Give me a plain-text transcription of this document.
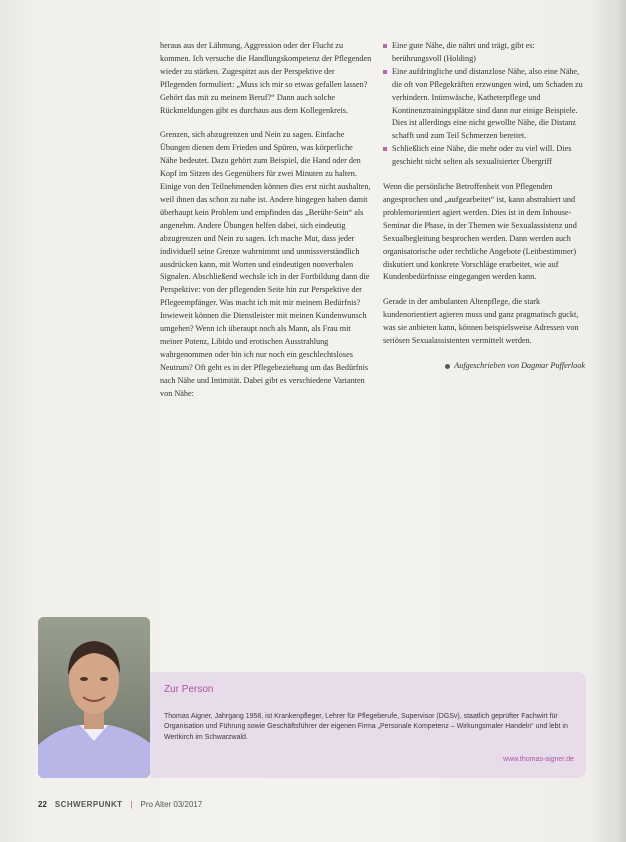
heraus aus der Lähmung, Aggression oder der Flucht zu kommen. Ich versuche die Handlungskompetenz der Pflegenden wieder zu stärken. Zugespitzt aus der Perspektive der Pflegenden formuliert: „Muss ich mir so etwas gefallen lassen? Gehört das mit zu meinem Beruf?“ Dann auch solche Rückmeldungen gibt es durchaus aus dem Kollegenkreis.

Grenzen, sich abzugrenzen und Nein zu sagen. Einfache Übungen dienen dem Frieden und Spüren, was körperliche Nähe bedeutet. Dazu gehört zum Beispiel, die Hand oder den Kopf im Sitzen des Gegenübers für zwei Minuten zu halten. Einige von den Teilnehmenden können dies erst nicht aushalten, weil ihnen das schon zu nahe ist. Andere hingegen haben damit überhaupt kein Problem und empfinden das „Berühr-Sein“ als angenehm. Andere Übungen helfen dabei, sich eindeutig abzugrenzen und Nein zu sagen. Ich mache Mut, dass jeder individuell seine Grenze wahrnimmt und unmissverständlich ausdrücken kann, mit Worten und eindeutigen nonverbalen Signalen. Abschließend wechsle ich in der Fortbildung dann die Perspektive: von der pflegenden Seite hin zur Perspektive der Pflegeempfänger. Was macht ich mit mir meinem Bedürfnis? Inwieweit können die Dienstleister mit meinen Kundenwunsch umgehen? Wenn ich überaupt noch als Mann, als Frau mit meiner Potenz, Libido und erotischen Ausstrahlung wahrgenommen oder bin ich nur noch ein geschlechtsloses Neutrum? Oft geht es in der Pflegebeziehung um das Bedürfnis nach Nähe und Intimität. Dabei gibt es verschiedene Varianten von Nähe:

Eine gute Nähe, die nährt und trägt, gibt es: berührungsvoll (Holding)
Eine aufdringliche und distanzlose Nähe, also eine Nähe, die oft von Pflegekräften erzwungen wird, um Schaden zu verhindern. Intimwäsche, Katheterpflege und Kontinenztrainingsplätze sind dann nur einige Beispiele. Dies ist allerdings eine nicht gewollte Nähe, die Distanz schafft und zum Teil Schmerzen bereitet.
Schließlich eine Nähe, die mehr oder zu viel will. Dies geschieht nicht selten als sexualisierter Übergriff

Wenn die persönliche Betroffenheit von Pflegenden angesprochen und „aufgearbeitet“ ist, kann abstrahiert und problemorientiert agiert werden. Dies ist in dem Inhouse-Seminar die Phase, in der Themen wie Sexualassistenz und Sexualbegleitung besprochen werden. Dann werden auch organisatorische oder rechtliche Angebote (Leitbestimmer) diskutiert und konkrete Vorschläge erarbeitet, wie auf Kundenbedürfnisse eingegangen werden kann.

Gerade in der ambulanten Altenpflege, die stark kundenorientiert agieren muss und ganz pragmatisch guckt, was sie anbieten kann, können beispielsweise Adressen von seriösen Sexualassistenten vermittelt werden.

Aufgeschrieben von Dagmar Pufferlook
Zur Person

Thomas Aigner, Jahrgang 1958, ist Krankenpfleger, Lehrer für Pflegeberufe, Supervisor (DGSv), staatlich geprüfter Fachwirt für Organisation und Führung sowie Geschäftsführer der eigenen Firma „Personale Kompetenz – Wirkungsmaler Handeln“ und lebt in Wertkirch im Schwarzwald.

www.thomas-aigner.de
22 SCHWERPUNKT | Pro Alter 03/2017
